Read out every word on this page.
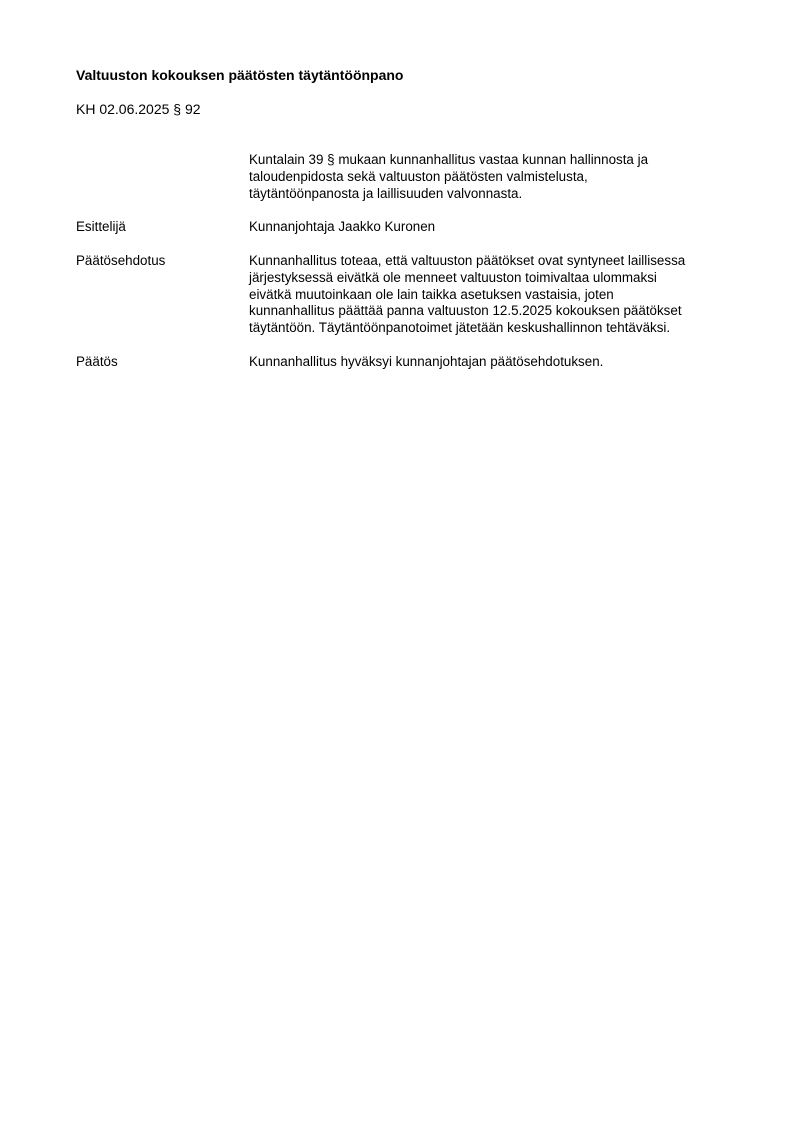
Valtuuston kokouksen päätösten täytäntöönpano
KH 02.06.2025 § 92
Kuntalain 39 § mukaan kunnanhallitus vastaa kunnan hallinnosta ja
taloudenpidosta sekä valtuuston päätösten valmistelusta,
täytäntöönpanosta ja laillisuuden valvonnasta.
Esittelijä	Kunnanjohtaja Jaakko Kuronen
Päätösehdotus	Kunnanhallitus toteaa, että valtuuston päätökset ovat syntyneet laillisessa
järjestyksessä eivätkä ole menneet valtuuston toimivaltaa ulommaksi
eivätkä muutoinkaan ole lain taikka asetuksen vastaisia, joten
kunnanhallitus päättää panna valtuuston 12.5.2025 kokouksen päätökset
täytäntöön. Täytäntöönpanotoimet jätetään keskushallinnon tehtäväksi.
Päätös	Kunnanhallitus hyväksyi kunnanjohtajan päätösehdotuksen.
